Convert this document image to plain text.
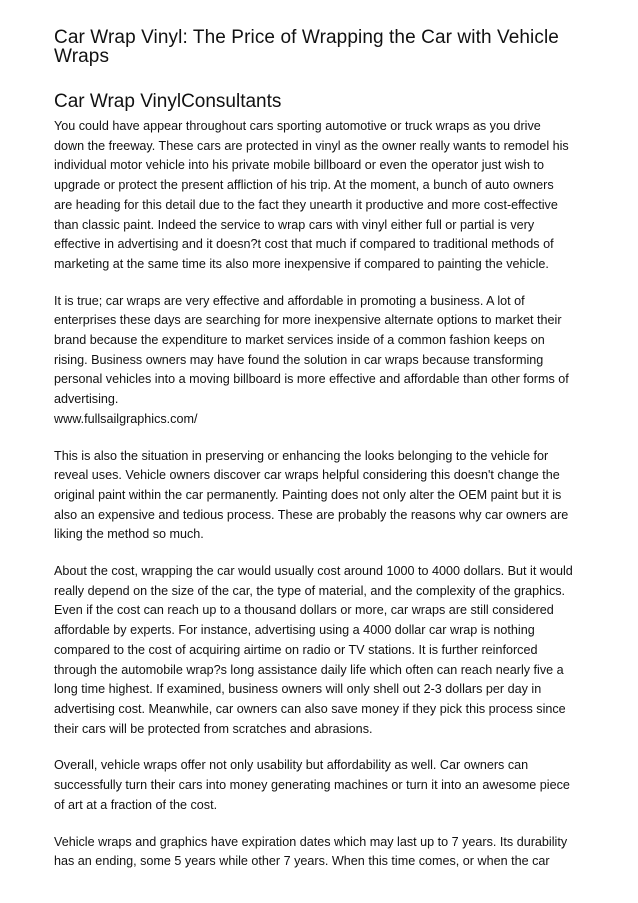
Car Wrap Vinyl: The Price of Wrapping the Car with Vehicle
Wraps
Car Wrap VinylConsultants

You could have appear throughout cars sporting automotive or truck wraps as you drive
down the freeway. These cars are protected in vinyl as the owner really wants to remodel his
individual motor vehicle into his private mobile billboard or even the operator just wish to
upgrade or protect the present affliction of his trip. At the moment, a bunch of auto owners
are heading for this detail due to the fact they unearth it productive and more cost-effective
than classic paint. Indeed the service to wrap cars with vinyl either full or partial is very
effective in advertising and it doesn?t cost that much if compared to traditional methods of
marketing at the same time its also more inexpensive if compared to painting the vehicle.

It is true; car wraps are very effective and affordable in promoting a business. A lot of
enterprises these days are searching for more inexpensive alternate options to market their
brand because the expenditure to market services inside of a common fashion keeps on
rising. Business owners may have found the solution in car wraps because transforming
personal vehicles into a moving billboard is more effective and affordable than other forms of
advertising.
www.fullsailgraphics.com/

This is also the situation in preserving or enhancing the looks belonging to the vehicle for
reveal uses. Vehicle owners discover car wraps helpful considering this doesn't change the
original paint within the car permanently. Painting does not only alter the OEM paint but it is
also an expensive and tedious process. These are probably the reasons why car owners are
liking the method so much.

About the cost, wrapping the car would usually cost around 1000 to 4000 dollars. But it would
really depend on the size of the car, the type of material, and the complexity of the graphics.
Even if the cost can reach up to a thousand dollars or more, car wraps are still considered
affordable by experts. For instance, advertising using a 4000 dollar car wrap is nothing
compared to the cost of acquiring airtime on radio or TV stations. It is further reinforced
through the automobile wrap?s long assistance daily life which often can reach nearly five a
long time highest. If examined, business owners will only shell out 2-3 dollars per day in
advertising cost. Meanwhile, car owners can also save money if they pick this process since
their cars will be protected from scratches and abrasions.

Overall, vehicle wraps offer not only usability but affordability as well. Car owners can
successfully turn their cars into money generating machines or turn it into an awesome piece
of art at a fraction of the cost.

Vehicle wraps and graphics have expiration dates which may last up to 7 years. Its durability
has an ending, some 5 years while other 7 years. When this time comes, or when the car
